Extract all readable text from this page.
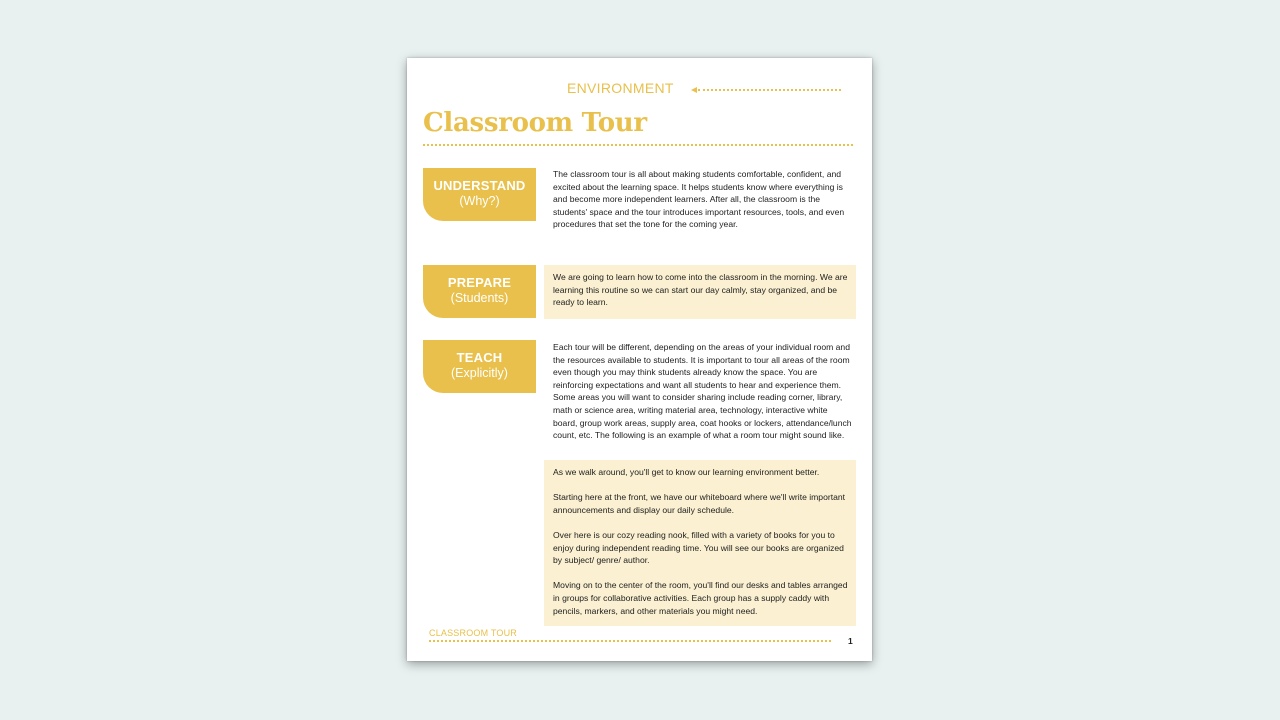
ENVIRONMENT
Classroom Tour
UNDERSTAND
(Why?)

The classroom tour is all about making students comfortable, confident, and excited about the learning space. It helps students know where everything is and become more independent learners. After all, the classroom is the students' space and the tour introduces important resources, tools, and even procedures that set the tone for the coming year.

PREPARE
(Students)

We are going to learn how to come into the classroom in the morning. We are learning this routine so we can start our day calmly, stay organized, and be ready to learn.

TEACH
(Explicitly)

Each tour will be different, depending on the areas of your individual room and the resources available to students. It is important to tour all areas of the room even though you may think students already know the space. You are reinforcing expectations and want all students to hear and experience them. Some areas you will want to consider sharing include reading corner, library, math or science area, writing material area, technology, interactive white board, group work areas, supply area, coat hooks or lockers, attendance/lunch count, etc. The following is an example of what a room tour might sound like.

As we walk around, you'll get to know our learning environment better.

Starting here at the front, we have our whiteboard where we'll write important announcements and display our daily schedule.

Over here is our cozy reading nook, filled with a variety of books for you to enjoy during independent reading time. You will see our books are organized by subject/ genre/ author.

Moving on to the center of the room, you'll find our desks and tables arranged in groups for collaborative activities. Each group has a supply caddy with pencils, markers, and other materials you might need.

CLASSROOM TOUR
1
